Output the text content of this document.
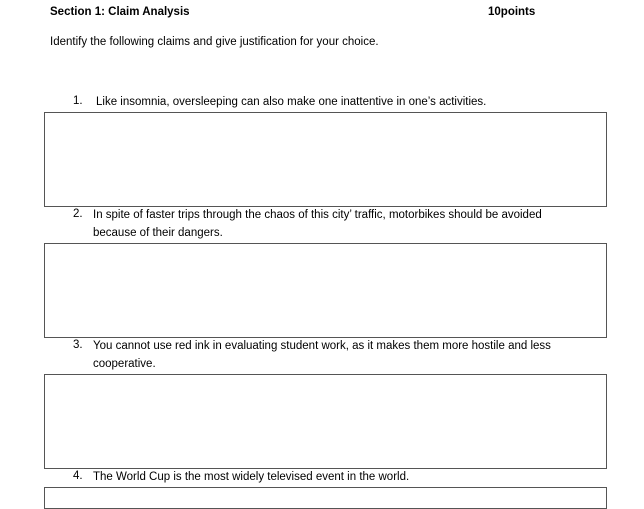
Section 1: Claim Analysis	10points
Identify the following claims and give justification for your choice.
1. Like insomnia, oversleeping can also make one inattentive in one’s activities.
2. In spite of faster trips through the chaos of this city’ traffic, motorbikes should be avoided
because of their dangers.
3. You cannot use red ink in evaluating student work, as it makes them more hostile and less
cooperative.
4. The World Cup is the most widely televised event in the world.
